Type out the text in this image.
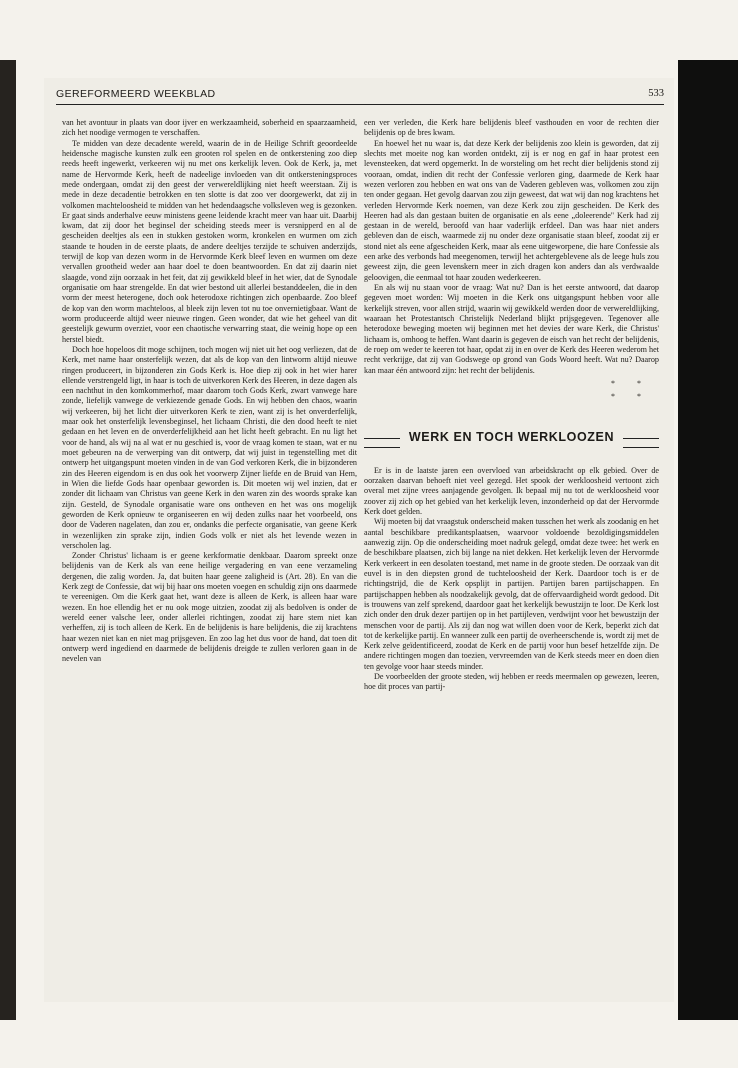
GEREFORMEERD WEEKBLAD	533

van het avontuur in plaats van door ijver en werkzaamheid, soberheid en spaarzaamheid, zich het noodige vermogen te verschaffen.

Te midden van deze decadente wereld, waarin de in de Heilige Schrift geoordeelde heidensche magische kunsten zulk een grooten rol spelen en de ontkerstening zoo diep reeds heeft ingewerkt, verkeeren wij nu met ons kerkelijk leven. Ook de Kerk, ja, met name de Hervormde Kerk, heeft de nadeelige invloeden van dit ontkersteningsproces mede ondergaan, omdat zij den geest der verwereldlijking niet heeft weerstaan. Zij is mede in deze decadentie betrokken en ten slotte is dat zoo ver doorgewerkt, dat zij in volkomen machteloosheid te midden van het hedendaagsche volksleven weg is gezonken. Er gaat sinds anderhalve eeuw ministens geene leidende kracht meer van haar uit. Daarbij kwam, dat zij door het beginsel der scheiding steeds meer is versnipperd en al de gescheiden deeltjes als een in stukken gestoken worm, kronkelen en wurmen om zich staande te houden in de eerste plaats, de andere deeltjes terzijde te schuiven anderzijds, terwijl de kop van dezen worm in de Hervormde Kerk bleef leven en wurmen om deze vervallen grootheid weder aan haar doel te doen beantwoorden. En dat zij daarin niet slaagde, vond zijn oorzaak in het feit, dat zij gewikkeld bleef in het wier, dat de Synodale organisatie om haar strengelde. En dat wier bestond uit allerlei bestanddeelen, die in den vorm der meest heterogene, doch ook heterodoxe richtingen zich openbaarde. Zoo bleef de kop van den worm machteloos, al bleek zijn leven tot nu toe onvernietigbaar. Want de worm produceerde altijd weer nieuwe ringen. Geen wonder, dat wie het geheel van dit geestelijk gewurm overziet, voor een chaotische verwarring staat, die weinig hope op een herstel biedt.

Doch hoe hopeloos dit moge schijnen, toch mogen wij niet uit het oog verliezen, dat de Kerk, met name haar onsterfelijk wezen, dat als de kop van den lintworm altijd nieuwe ringen produceert, in bijzonderen zin Gods Kerk is. Hoe diep zij ook in het wier harer ellende verstrengeld ligt, in haar is toch de uitverkoren Kerk des Heeren, in deze dagen als een nachthut in den komkommerhof, maar daarom toch Gods Kerk, zwart vanwege hare zonde, liefelijk vanwege de verkiezende genade Gods. En wij hebben den chaos, waarin wij verkeeren, bij het licht dier uitverkoren Kerk te zien, want zij is het onverderfelijk, maar ook het onsterfelijk levensbeginsel, het lichaam Christi, die den dood heeft te niet gedaan en het leven en de onverderfelijkheid aan het licht heeft gebracht. En nu ligt het voor de hand, als wij na al wat er nu geschied is, voor de vraag komen te staan, wat er nu moet gebeuren na de verwerping van dit ontwerp, dat wij juist in tegenstelling met dit ontwerp het uitgangspunt moeten vinden in de van God verkoren Kerk, die in bijzonderen zin des Heeren eigendom is en dus ook het voorwerp Zijner liefde en de Bruid van Hem, in Wien die liefde Gods haar openbaar geworden is. Dit moeten wij wel inzien, dat er zonder dit lichaam van Christus van geene Kerk in den waren zin des woords sprake kan zijn. Gesteld, de Synodale organisatie ware ons ontheven en het was ons mogelijk geworden de Kerk opnieuw te organiseeren en wij deden zulks naar het voorbeeld, ons door de Vaderen nagelaten, dan zou er, ondanks die perfecte organisatie, van geene Kerk in wezenlijken zin sprake zijn, indien Gods volk er niet als het levende wezen in verscholen lag.

Zonder Christus' lichaam is er geene kerkformatie denkbaar. Daarom spreekt onze belijdenis van de Kerk als van eene heilige vergadering en van eene verzameling dergenen, die zalig worden. Ja, dat buiten haar geene zaligheid is (Art. 28). En van die Kerk zegt de Confessie, dat wij bij haar ons moeten voegen en schuldig zijn ons daarmede te vereenigen. Om die Kerk gaat het, want deze is alleen de Kerk, is alleen haar ware wezen. En hoe ellendig het er nu ook moge uitzien, zoodat zij als bedolven is onder de wereld eener valsche leer, onder allerlei richtingen, zoodat zij hare stem niet kan verheffen, zij is toch alleen de Kerk. En de belijdenis is hare belijdenis, die zij krachtens haar wezen niet kan en niet mag prijsgeven. En zoo lag het dus voor de hand, dat toen dit ontwerp werd ingediend en daarmede de belijdenis dreigde te zullen verloren gaan in de nevelen van

een ver verleden, die Kerk hare belijdenis bleef vasthouden en voor de rechten dier belijdenis op de bres kwam.

En hoewel het nu waar is, dat deze Kerk der belijdenis zoo klein is geworden, dat zij slechts met moeite nog kan worden ontdekt, zij is er nog en gaf in haar protest een levensteeken, dat werd opgemerkt. In de worsteling om het recht dier belijdenis stond zij vooraan, omdat, indien dit recht der Confessie verloren ging, daarmede de Kerk haar wezen verloren zou hebben en wat ons van de Vaderen gebleven was, volkomen zou zijn ten onder gegaan. Het gevolg daarvan zou zijn geweest, dat wat wij dan nog krachtens het verleden Hervormde Kerk noemen, van deze Kerk zou zijn gescheiden. De Kerk des Heeren had als dan gestaan buiten de organisatie en als eene „doleerende" Kerk had zij gestaan in de wereld, beroofd van haar vaderlijk erfdeel. Dan was haar niet anders gebleven dan de eisch, waarmede zij nu onder deze organisatie staan bleef, zoodat zij er stond niet als eene afgescheiden Kerk, maar als eene uitgeworpene, die hare Confessie als een arke des verbonds had meegenomen, terwijl het achtergeblevene als de leege huls zou geweest zijn, die geen levenskern meer in zich dragen kon anders dan als verdwaalde geloovigen, die eenmaal tot haar zouden wederkeeren.

En als wij nu staan voor de vraag: Wat nu? Dan is het eerste antwoord, dat daarop gegeven moet worden: Wij moeten in die Kerk ons uitgangspunt hebben voor alle kerkelijk streven, voor allen strijd, waarin wij gewikkeld werden door de verwereldlijking, waaraan het Protestantsch Christelijk Nederland blijkt prijsgegeven. Tegenover alle heterodoxe beweging moeten wij beginnen met het devies der ware Kerk, die Christus' lichaam is, omhoog te heffen. Want daarin is gegeven de eisch van het recht der belijdenis, de roep om weder te keeren tot haar, opdat zij in en over de Kerk des Heeren wederom het recht verkrijge, dat zij van Godswege op grond van Gods Woord heeft. Wat nu? Daarop kan maar één antwoord zijn: het recht der belijdenis.

* *
* *
WERK EN TOCH WERKLOOZEN

Er is in de laatste jaren een overvloed van arbeidskracht op elk gebied. Over de oorzaken daarvan behoeft niet veel gezegd. Het spook der werkloosheid vertoont zich overal met zijne vrees aanjagende gevolgen. Ik bepaal mij nu tot de werkloosheid voor zoover zij zich op het gebied van het kerkelijk leven, inzonderheid op dat der Hervormde Kerk doet gelden.

Wij moeten bij dat vraagstuk onderscheid maken tusschen het werk als zoodanig en het aantal beschikbare predikantsplaatsen, waarvoor voldoende bezoldigingsmiddelen aanwezig zijn. Op die onderscheiding moet nadruk gelegd, omdat deze twee: het werk en de beschikbare plaatsen, zich bij lange na niet dekken. Het kerkelijk leven der Hervormde Kerk verkeert in een desolaten toestand, met name in de groote steden. De oorzaak van dit euvel is in den diepsten grond de tuchteloosheid der Kerk. Daardoor toch is er de richtingstrijd, die de Kerk opsplijt in partijen. Partijen baren partijschappen. En partijschappen hebben als noodzakelijk gevolg, dat de offervaardigheid wordt gedood. Dit is trouwens van zelf sprekend, daardoor gaat het kerkelijk bewustzijn te loor. De Kerk lost zich onder den druk dezer partijen op in het partijleven, verdwijnt voor het bewustzijn der menschen voor de partij. Als zij dan nog wat willen doen voor de Kerk, beperkt zich dat tot de kerkelijke partij. En wanneer zulk een partij de overheerschende is, wordt zij met de Kerk zelve geïdentificeerd, zoodat de Kerk en de partij voor hun besef hetzelfde zijn. De andere richtingen mogen dan toezien, vervreemden van de Kerk steeds meer en doen dien ten gevolge voor haar steeds minder.

De voorbeelden der groote steden, wij hebben er reeds meermalen op gewezen, leeren, hoe dit proces van partij-
